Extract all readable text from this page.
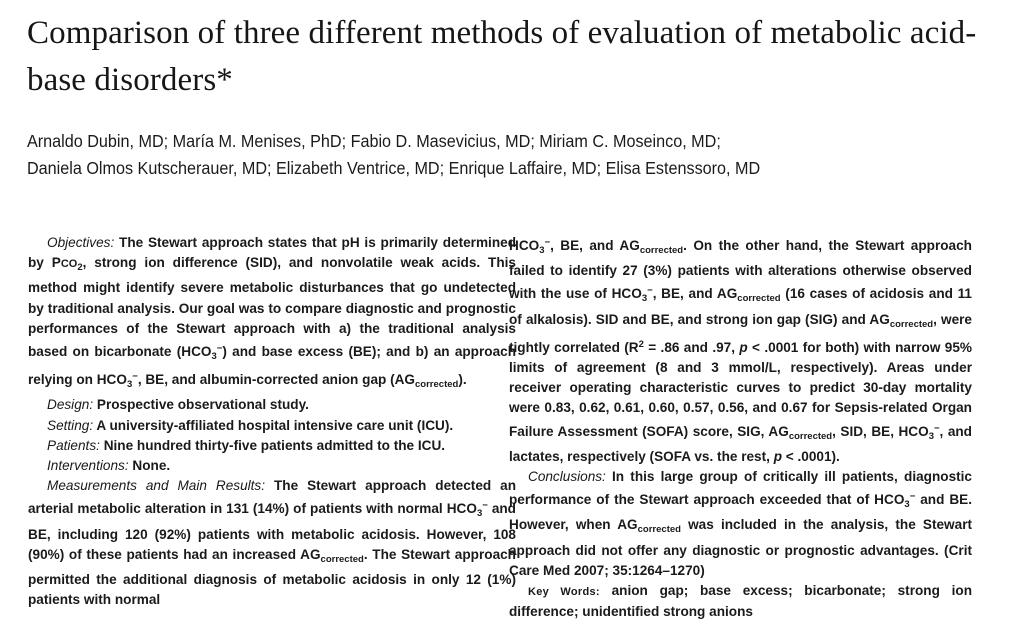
Comparison of three different methods of evaluation of metabolic acid-base disorders*
Arnaldo Dubin, MD; María M. Menises, PhD; Fabio D. Masevicius, MD; Miriam C. Moseinco, MD;
Daniela Olmos Kutscherauer, MD; Elizabeth Ventrice, MD; Enrique Laffaire, MD; Elisa Estenssoro, MD

Objectives: The Stewart approach states that pH is primarily determined by $PCO_2$, strong ion difference (SID), and nonvolatile weak acids. This method might identify severe metabolic disturbances that go undetected by traditional analysis. Our goal was to compare diagnostic and prognostic performances of the Stewart approach with a) the traditional analysis based on bicarbonate $(HCO_3^-)$ and base excess (BE); and b) an approach relying on $HCO_3^-$, BE, and albumin-corrected anion gap $(AG_{corrected})$.

Design: Prospective observational study.

Setting: A university-affiliated hospital intensive care unit (ICU).

Patients: Nine hundred thirty-five patients admitted to the ICU.

Interventions: None.

Measurements and Main Results: The Stewart approach detected an arterial metabolic alteration in 131 (14%) of patients with normal $HCO_3^-$ and BE, including 120 (92%) patients with metabolic acidosis. However, 108 (90%) of these patients had an increased $AG_{corrected}$. The Stewart approach permitted the additional diagnosis of metabolic acidosis in only 12 (1%) patients with normal

$HCO_3^-$, BE, and $AG_{corrected}$. On the other hand, the Stewart approach failed to identify 27 (3%) patients with alterations otherwise observed with the use of $HCO_3^-$, BE, and $AG_{corrected}$ (16 cases of acidosis and 11 of alkalosis). SID and BE, and strong ion gap (SIG) and $AG_{corrected}$, were tightly correlated ($R^2 = .86$ and .97, p < .0001 for both) with narrow 95% limits of agreement (8 and 3 mmol/L, respectively). Areas under receiver operating characteristic curves to predict 30-day mortality were 0.83, 0.62, 0.61, 0.60, 0.57, 0.56, and 0.67 for Sepsis-related Organ Failure Assessment (SOFA) score, SIG, $AG_{corrected}$, SID, BE, $HCO_3^-$, and lactates, respectively (SOFA vs. the rest, p < .0001).

Conclusions: In this large group of critically ill patients, diagnostic performance of the Stewart approach exceeded that of $HCO_3^-$ and BE. However, when $AG_{corrected}$ was included in the analysis, the Stewart approach did not offer any diagnostic or prognostic advantages. (Crit Care Med 2007; 35:1264–1270)

Key Words: anion gap; base excess; bicarbonate; strong ion difference; unidentified strong anions
